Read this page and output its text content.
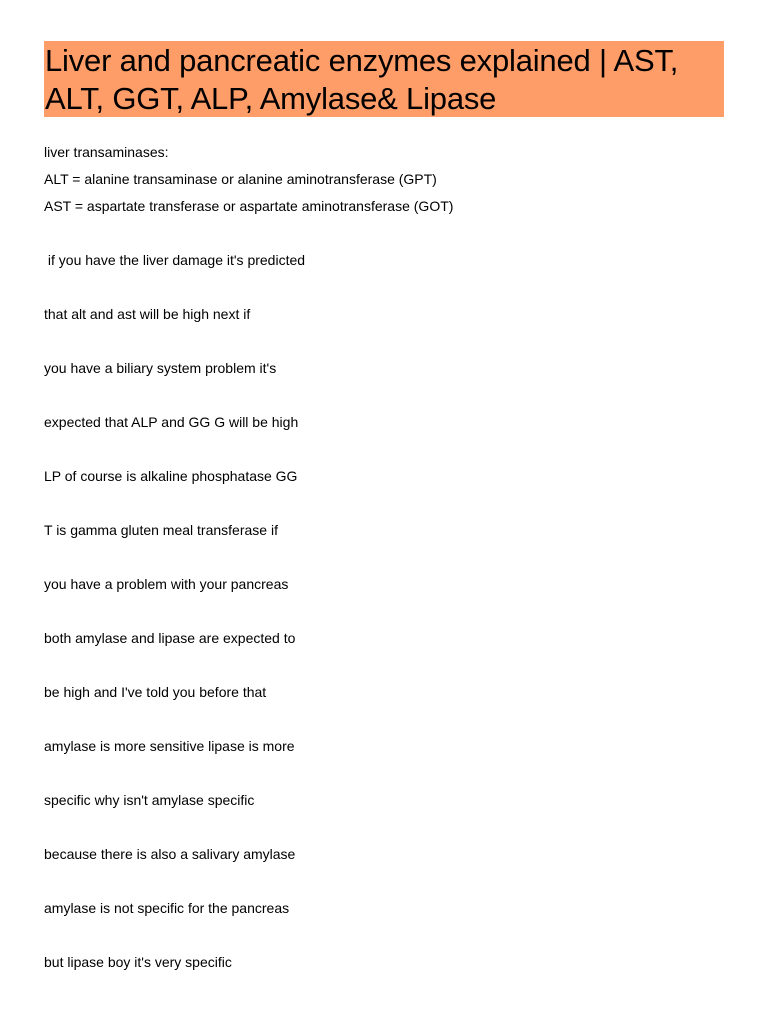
Liver and pancreatic enzymes explained | AST, ALT, GGT, ALP, Amylase& Lipase

liver transaminases:

ALT = alanine transaminase or alanine aminotransferase (GPT)

AST = aspartate transferase or aspartate aminotransferase (GOT)

if you have the liver damage it's predicted

that alt and ast will be high next if

you have a biliary system problem it's

expected that ALP and GG G will be high

LP of course is alkaline phosphatase GG

T is gamma gluten meal transferase if

you have a problem with your pancreas

both amylase and lipase are expected to

be high and I've told you before that

amylase is more sensitive lipase is more

specific why isn't amylase specific

because there is also a salivary amylase

amylase is not specific for the pancreas

but lipase boy it's very specific
